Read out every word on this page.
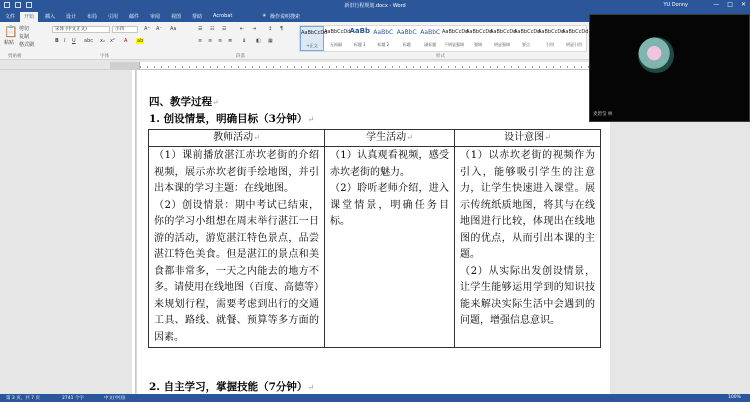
新旧行程规划.docx - Word	YU Donny	— □ ✕
文件	开始	插入 设计 布局 引用 邮件 审阅 视图 帮助 Acrobat	☀ 操作说明搜索
📋
粘贴
剪切
复制
格式刷
宋体 (中文正文)	小四	A⁺ A⁻ Aa
B I U abc x₂ x² A ab
☰ ☷ ☲	⇤ ⇥ ↕ ¶
≡ ≡ ≡ ≣ ↨ ◧ ▦
AaBbCcDd
+正文
AaBbCcDd
无间隔
AaBb
标题 1
AaBbC
标题 2
AaBbC
标题
AaBbC
副标题
AaBbCcDd
不明显强调
AaBbCcDd
强调
AaBbCcDd
明显强调
AaBbCcDd
要点
AaBbCcDd
引用
AaBbCcDd
明显引用
剪贴板	字体	段落	样式
四、教学过程↵
1. 创设情景，明确目标（3分钟）↵
教师活动↵	学生活动↵	设计意图↵

（1）课前播放湛江赤坎老街的介绍视频，展示赤坎老街手绘地图，并引出本课的学习主题：在线地图。
（2）创设情景：期中考试已结束，你的学习小组想在周末举行湛江一日游的活动，游览湛江特色景点，品尝湛江特色美食。但是湛江的景点和美食都非常多，一天之内能去的地方不多。请使用在线地图（百度、高德等）来规划行程，需要考虑到出行的交通工具、路线、就餐、预算等多方面的因素。	（1）认真观看视频，感受赤坎老街的魅力。
（2）聆听老师介绍，进入课堂情景，明确任务目标。	（1）以赤坎老街的视频作为引入，能够吸引学生的注意力，让学生快速进入课堂。展示传统纸质地图，将其与在线地图进行比较，体现出在线地图的优点，从而引出本课的主题。
（2）从实际出发创设情景，让学生能够运用学到的知识技能来解决实际生活中会遇到的问题，增强信息意识。
2. 自主学习，掌握技能（7分钟）↵
麦碧莹 林
第 3 页，共 7 页	2741 个字	中文(中国)	100%
